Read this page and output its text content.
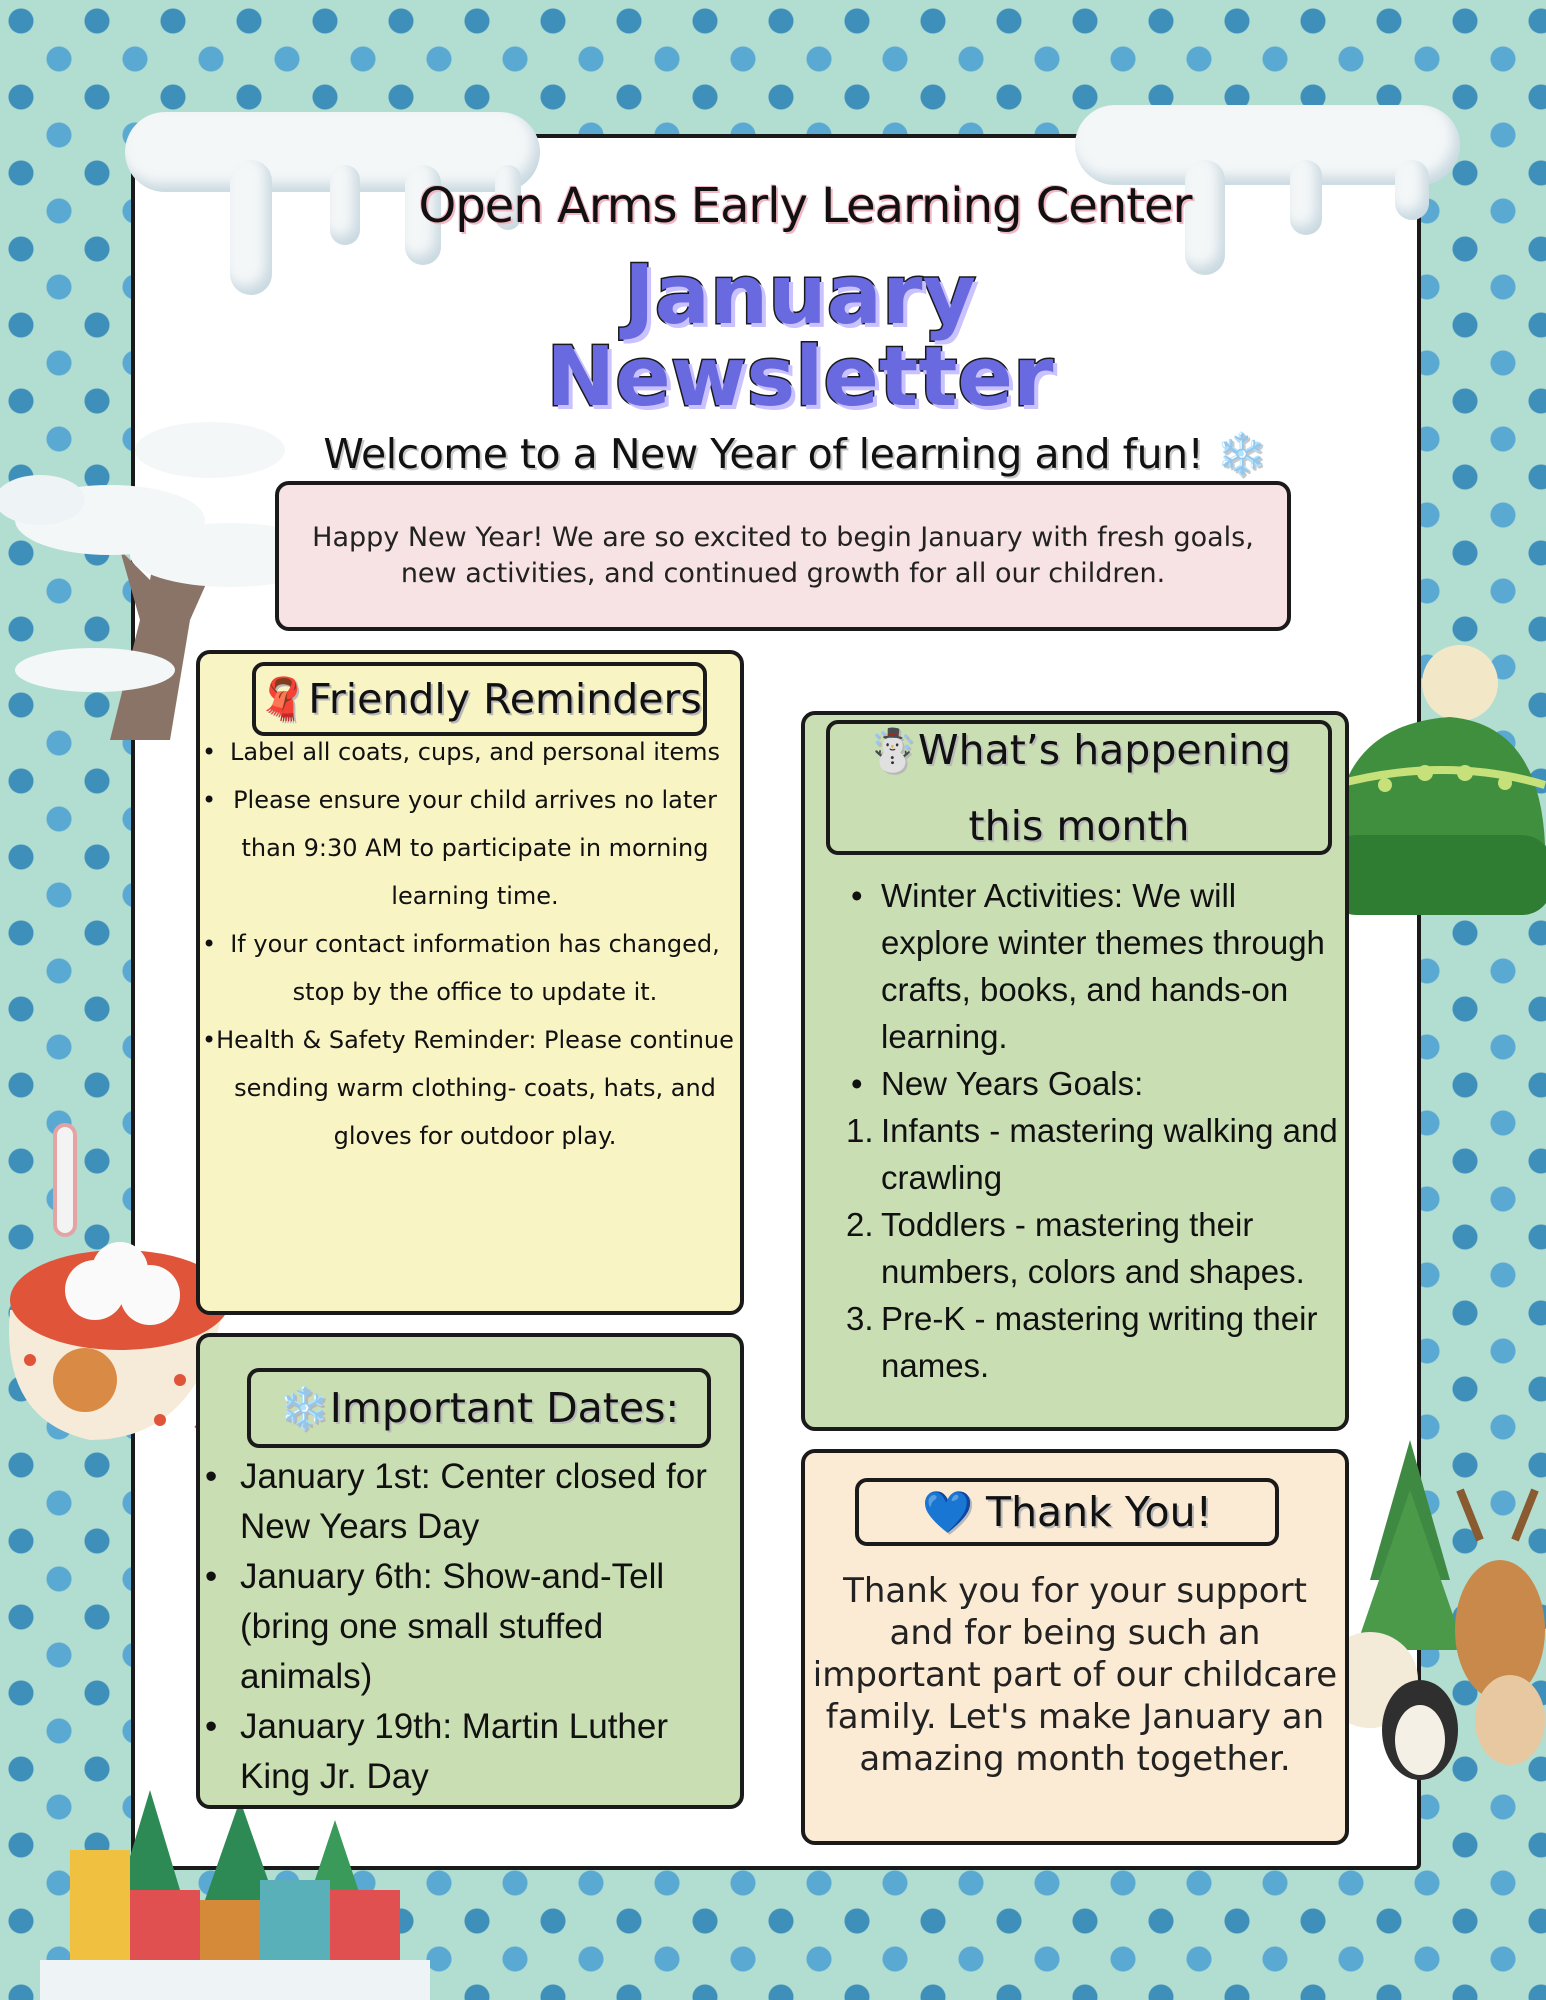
Open Arms Early Learning Center
January
Newsletter
Welcome to a New Year of learning and fun! ❄️
Happy New Year! We are so excited to begin January with fresh goals, new activities, and continued growth for all our children.
🧣Friendly Reminders
• Label all coats, cups, and personal items
• Please ensure your child arrives no later than 9:30 AM to participate in morning learning time.
• If your contact information has changed, stop by the office to update it.
• Health & Safety Reminder: Please continue sending warm clothing- coats, hats, and gloves for outdoor play.
☃️What’s happening
this month
• Winter Activities: We will explore winter themes through crafts, books, and hands-on learning.
• New Years Goals:
1. Infants - mastering walking and crawling
2. Toddlers - mastering their numbers, colors and shapes.
3. Pre-K - mastering writing their names.
❄️Important Dates:
• January 1st: Center closed for New Years Day
• January 6th: Show-and-Tell (bring one small stuffed animals)
• January 19th: Martin Luther King Jr. Day
💙 Thank You!
Thank you for your support and for being such an important part of our childcare family. Let's make January an amazing month together.
